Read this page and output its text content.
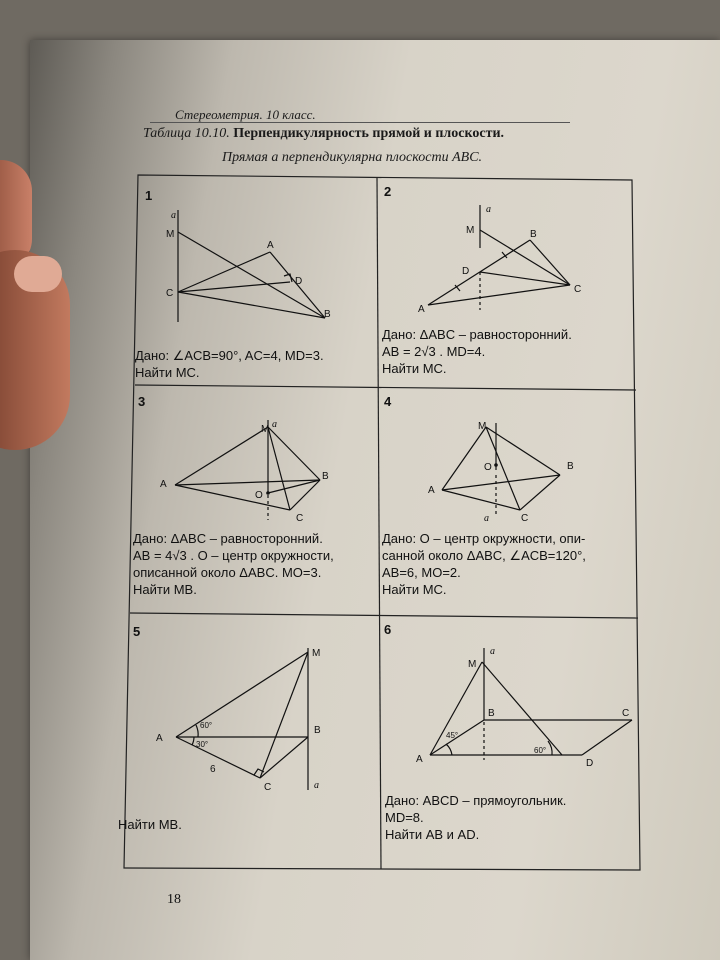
Стереометрия. 10 класс.
Таблица 10.10. Перпендикулярность прямой и плоскости.
Прямая a перпендикулярна плоскости ABC.
1	2
3	4
5	6
a
M
A
C
D
B
a
M	B
D
C
A
M a
A
B
O
C
M
O	B
A
a	C
M
A
B
C	a
60°
30°
6
M
a
B	C
A	D
45°
60°
Дано: ∠ACB=90°, AC=4, MD=3.
Найти MC.
Дано: ΔABC – равносторонний.
AB = 2√3 . MD=4.
Найти MC.
Дано: ΔABC – равносторонний.
AB = 4√3 . O – центр окружности,
описанной около ΔABC. MO=3.
Найти MB.
Дано: O – центр окружности, опи-
санной около ΔABC, ∠ACB=120°,
AB=6, MO=2.
Найти MC.
Найти MB.
Дано: ABCD – прямоугольник.
MD=8.
Найти AB и AD.
18
